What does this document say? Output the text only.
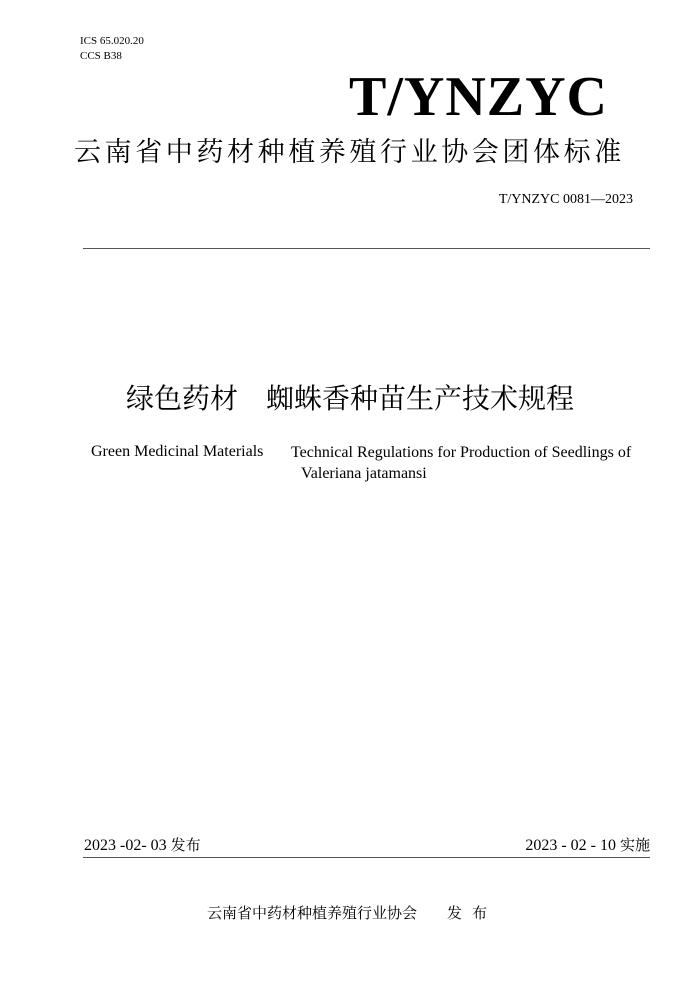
ICS 65.020.20
CCS B38
T/YNZYC
云南省中药材种植养殖行业协会团体标准
T/YNZYC 0081—2023
绿色药材 蜘蛛香种苗生产技术规程
Green Medicinal Materials Technical Regulations for Production of Seedlings of
Valeriana jatamansi
2023 -02- 03 发布	2023 - 02 - 10 实施
云南省中药材种植养殖行业协会 发布
